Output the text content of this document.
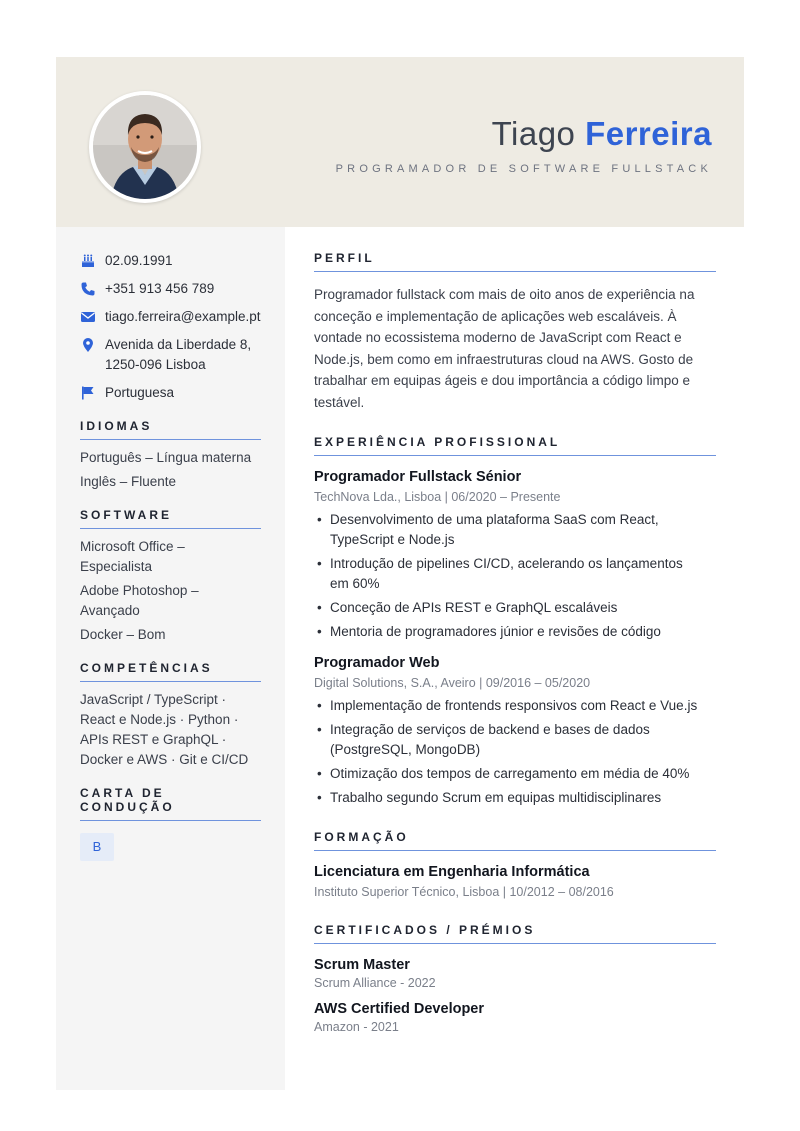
Tiago Ferreira
PROGRAMADOR DE SOFTWARE FULLSTACK
02.09.1991
+351 913 456 789
tiago.ferreira@example.pt
Avenida da Liberdade 8,
1250-096 Lisboa
Portuguesa
IDIOMAS
Português – Língua materna
Inglês – Fluente
SOFTWARE
Microsoft Office –
Especialista
Adobe Photoshop –
Avançado
Docker – Bom
COMPETÊNCIAS
JavaScript / TypeScript ·
React e Node.js · Python ·
APIs REST e GraphQL ·
Docker e AWS · Git e CI/CD
CARTA DE CONDUÇÃO
B
PERFIL
Programador fullstack com mais de oito anos de experiência na
conceção e implementação de aplicações web escaláveis. À
vontade no ecossistema moderno de JavaScript com React e
Node.js, bem como em infraestruturas cloud na AWS. Gosto de
trabalhar em equipas ágeis e dou importância a código limpo e
testável.
EXPERIÊNCIA PROFISSIONAL
Programador Fullstack Sénior
TechNova Lda., Lisboa | 06/2020 – Presente
• Desenvolvimento de uma plataforma SaaS com React,
TypeScript e Node.js
• Introdução de pipelines CI/CD, acelerando os lançamentos
em 60%
• Conceção de APIs REST e GraphQL escaláveis
• Mentoria de programadores júnior e revisões de código
Programador Web
Digital Solutions, S.A., Aveiro | 09/2016 – 05/2020
• Implementação de frontends responsivos com React e Vue.js
• Integração de serviços de backend e bases de dados
(PostgreSQL, MongoDB)
• Otimização dos tempos de carregamento em média de 40%
• Trabalho segundo Scrum em equipas multidisciplinares
FORMAÇÃO
Licenciatura em Engenharia Informática
Instituto Superior Técnico, Lisboa | 10/2012 – 08/2016
CERTIFICADOS / PRÉMIOS
Scrum Master
Scrum Alliance - 2022
AWS Certified Developer
Amazon - 2021
